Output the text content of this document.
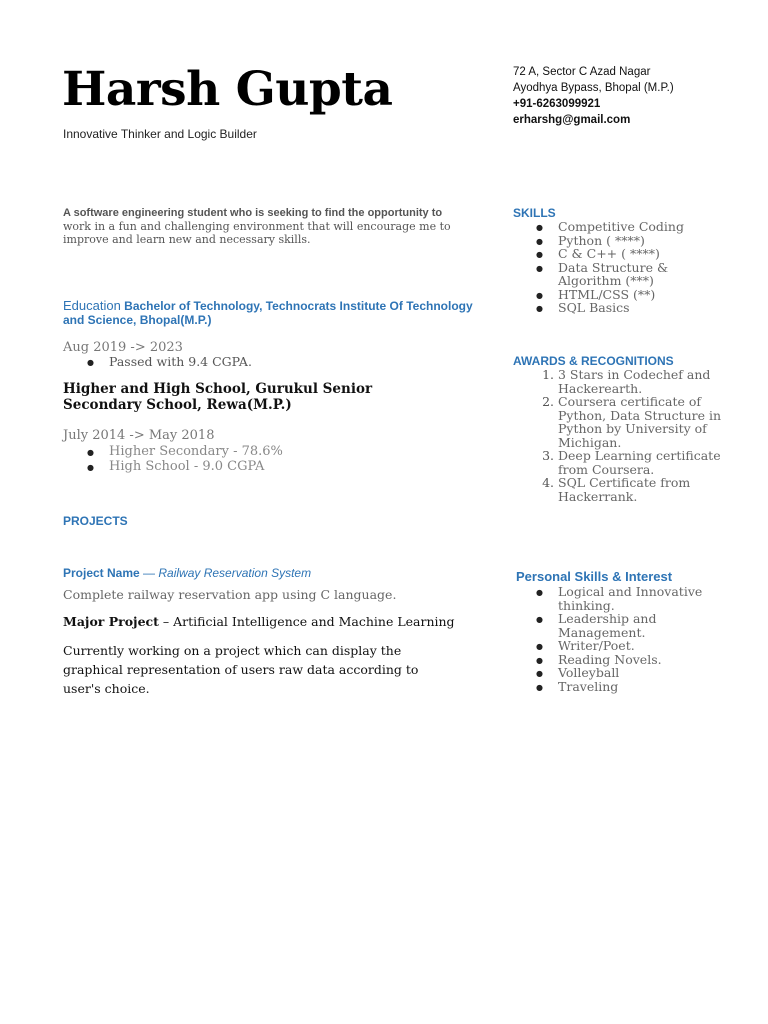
Harsh Gupta
Innovative Thinker and Logic Builder
72 A, Sector C Azad Nagar
Ayodhya Bypass, Bhopal (M.P.)
+91-6263099921
erharshg@gmail.com
A software engineering student who is seeking to find the opportunity to work in a fun and challenging environment that will encourage me to improve and learn new and necessary skills.
Education Bachelor of Technology, Technocrats Institute Of Technology and Science, Bhopal(M.P.)
Aug 2019 -> 2023
● Passed with 9.4 CGPA.
Higher and High School, Gurukul Senior Secondary School, Rewa(M.P.)
July 2014 -> May 2018
● Higher Secondary - 78.6%
● High School - 9.0 CGPA
PROJECTS
Project Name — Railway Reservation System
Complete railway reservation app using C language.
Major Project – Artificial Intelligence and Machine Learning
Currently working on a project which can display the graphical representation of users raw data according to user's choice.
SKILLS
● Competitive Coding
● Python ( ****)
● C & C++ ( ****)
● Data Structure & Algorithm (***)
● HTML/CSS (**)
● SQL Basics
AWARDS & RECOGNITIONS
1. 3 Stars in Codechef and Hackerearth.
2. Coursera certificate of Python, Data Structure in Python by University of Michigan.
3. Deep Learning certificate from Coursera.
4. SQL Certificate from Hackerrank.
Personal Skills & Interest
● Logical and Innovative thinking.
● Leadership and Management.
● Writer/Poet.
● Reading Novels.
● Volleyball
● Traveling
